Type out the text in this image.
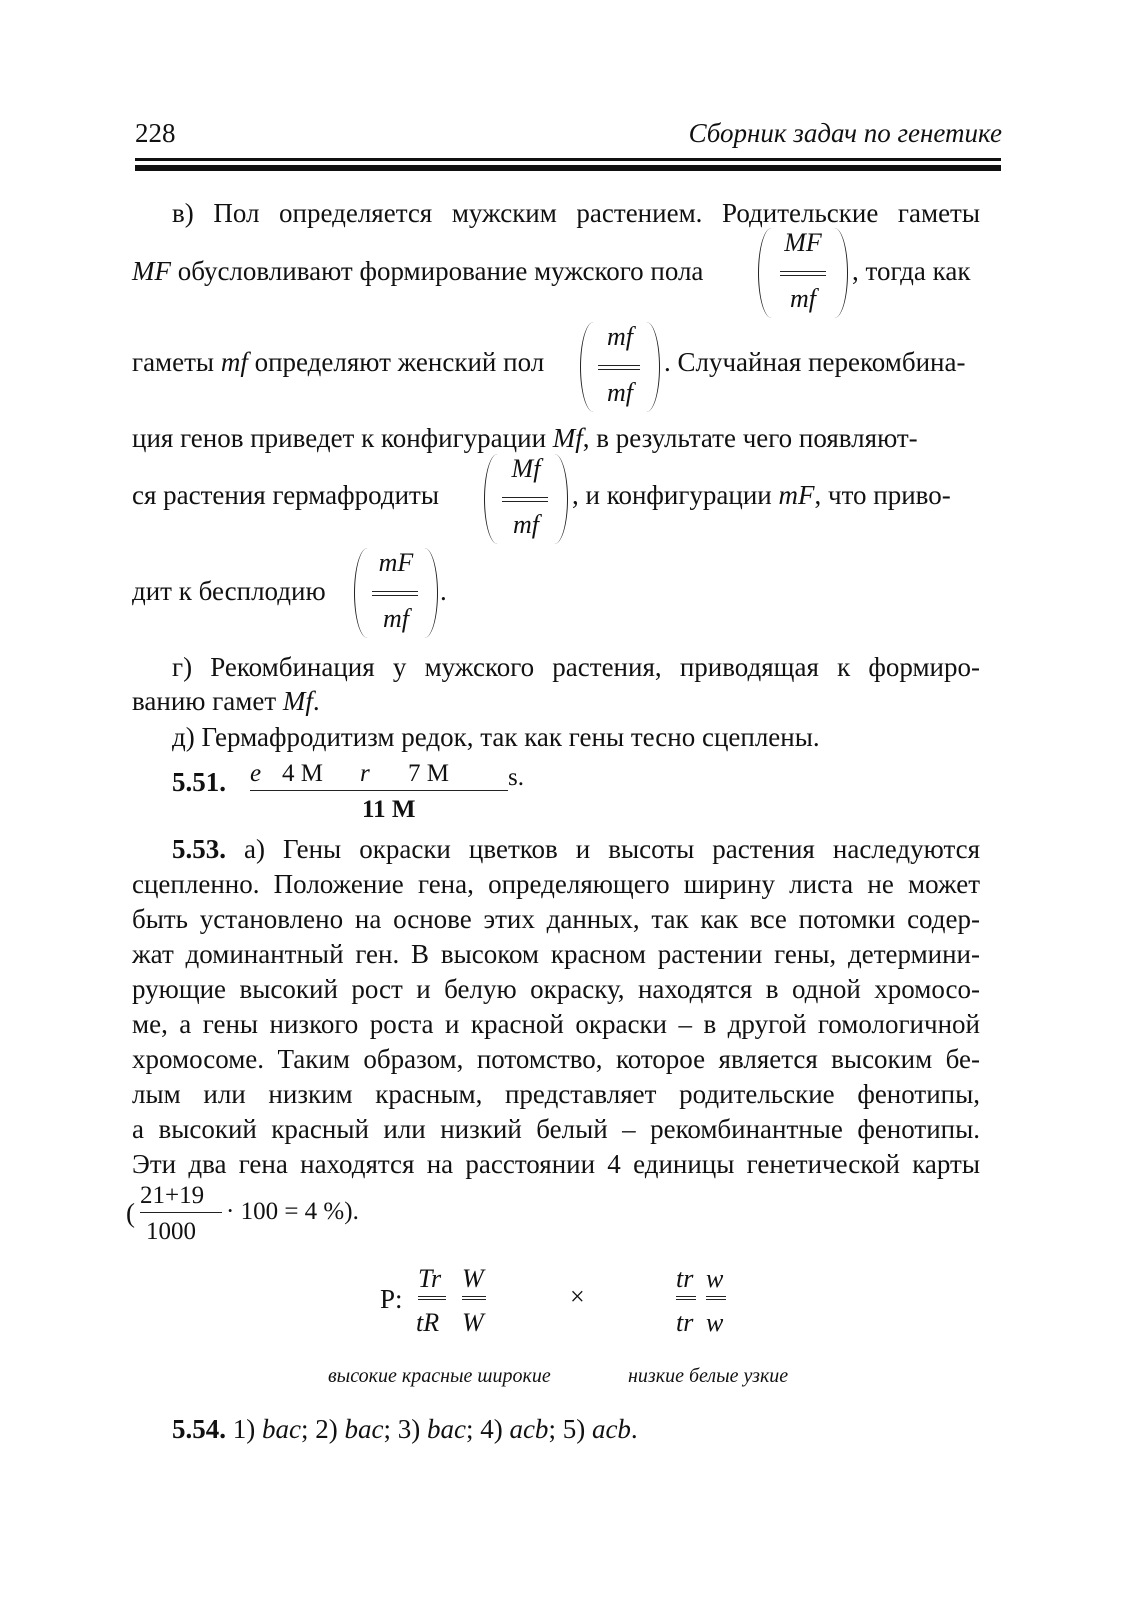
228	Сборник задач по генетике
в) Пол определяется мужским растением. Родительские гаметы
MF обусловливают формирование мужского пола
MF
mf
, тогда как
гаметы mf определяют женский пол
mf
mf
. Случайная перекомбина-
ция генов приведет к конфигурации Mf, в результате чего появляют-
ся растения гермафродиты
Mf
mf
, и конфигурации mF, что приво-
дит к бесплодию
mF
mf
.
г) Рекомбинация у мужского растения, приводящая к формиро-
ванию гамет Mf.
д) Гермафродитизм редок, так как гены тесно сцеплены.
5.51. e 4 M r 7 M s.
11 M
5.53. а) Гены окраски цветков и высоты растения наследуются
сцепленно. Положение гена, определяющего ширину листа не может
быть установлено на основе этих данных, так как все потомки содер-
жат доминантный ген. В высоком красном растении гены, детермини-
рующие высокий рост и белую окраску, находятся в одной хромосо-
ме, а гены низкого роста и красной окраски – в другой гомологичной
хромосоме. Таким образом, потомство, которое является высоким бе-
лым или низким красным, представляет родительские фенотипы,
а высокий красный или низкий белый – рекомбинантные фенотипы.
Эти два гена находятся на расстоянии 4 единицы генетической карты
(
21+19
1000
· 100 = 4 %).
P:
Tr W
tR W
×
tr w
tr w
высокие красные широкие	низкие белые узкие
5.54. 1) bac; 2) bac; 3) bac; 4) acb; 5) acb.
